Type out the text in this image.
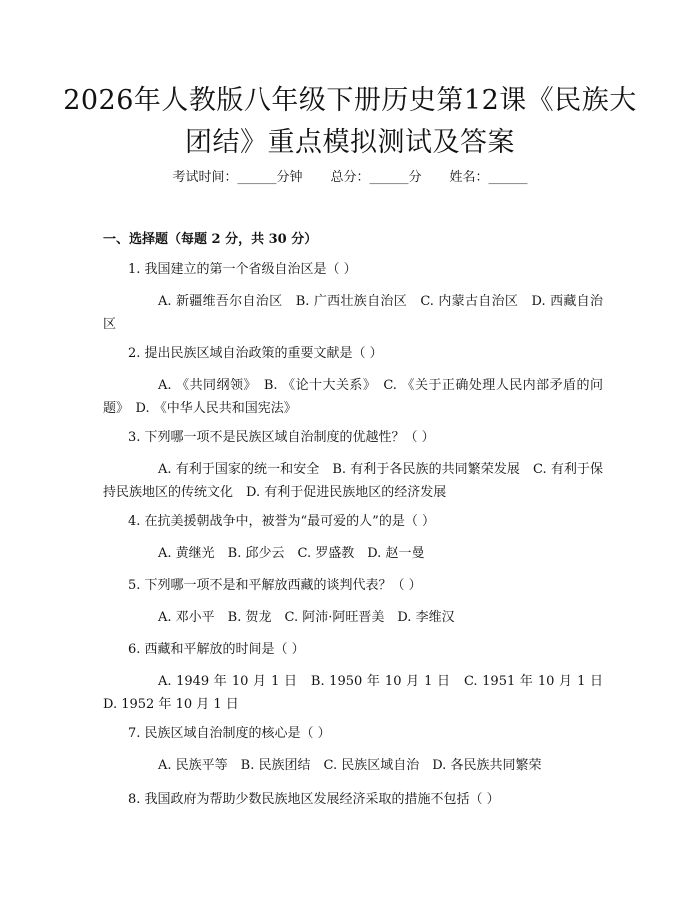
2026年人教版八年级下册历史第12课《民族大团结》重点模拟测试及答案
考试时间：______分钟 总分：______分 姓名：______
一、选择题（每题 2 分，共 30 分）
1. 我国建立的第一个省级自治区是（ ）
A. 新疆维吾尔自治区　B. 广西壮族自治区　C. 内蒙古自治区　D. 西藏自治区
2. 提出民族区域自治政策的重要文献是（ ）
A. 《共同纲领》　B. 《论十大关系》　C. 《关于正确处理人民内部矛盾的问题》　D. 《中华人民共和国宪法》
3. 下列哪一项不是民族区域自治制度的优越性？（ ）
A. 有利于国家的统一和安全　B. 有利于各民族的共同繁荣发展　C. 有利于保持民族地区的传统文化　D. 有利于促进民族地区的经济发展
4. 在抗美援朝战争中，被誉为“最可爱的人”的是（ ）
A. 黄继光　B. 邱少云　C. 罗盛教　D. 赵一曼
5. 下列哪一项不是和平解放西藏的谈判代表？（ ）
A. 邓小平　B. 贺龙　C. 阿沛·阿旺晋美　D. 李维汉
6. 西藏和平解放的时间是（ ）
A. 1949 年 10 月 1 日　B. 1950 年 10 月 1 日　C. 1951 年 10 月 1 日　D. 1952 年 10 月 1 日
7. 民族区域自治制度的核心是（ ）
A. 民族平等　B. 民族团结　C. 民族区域自治　D. 各民族共同繁荣
8. 我国政府为帮助少数民族地区发展经济采取的措施不包括（ ）
